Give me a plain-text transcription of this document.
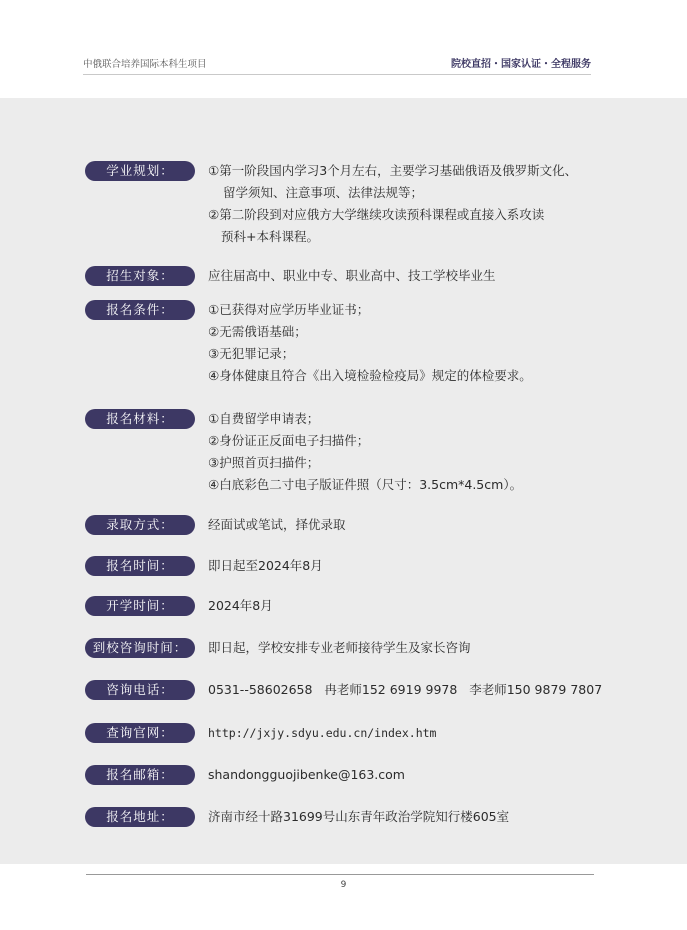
中俄联合培养国际本科生项目	院校直招・国家认证・全程服务
学业规划：	①第一阶段国内学习3个月左右，主要学习基础俄语及俄罗斯文化、
留学须知、注意事项、法律法规等；
②第二阶段到对应俄方大学继续攻读预科课程或直接入系攻读
预科+本科课程。
招生对象：	应往届高中、职业中专、职业高中、技工学校毕业生
报名条件：	①已获得对应学历毕业证书；
②无需俄语基础；
③无犯罪记录；
④身体健康且符合《出入境检验检疫局》规定的体检要求。
报名材料：	①自费留学申请表；
②身份证正反面电子扫描件；
③护照首页扫描件；
④白底彩色二寸电子版证件照（尺寸：3.5cm*4.5cm）。
录取方式：	经面试或笔试，择优录取
报名时间：	即日起至2024年8月
开学时间：	2024年8月
到校咨询时间：	即日起，学校安排专业老师接待学生及家长咨询
咨询电话：	0531--58602658   冉老师152 6919 9978   李老师150 9879 7807
查询官网：	http://jxjy.sdyu.edu.cn/index.htm
报名邮箱：	shandongguojibenke@163.com
报名地址：	济南市经十路31699号山东青年政治学院知行楼605室
9
